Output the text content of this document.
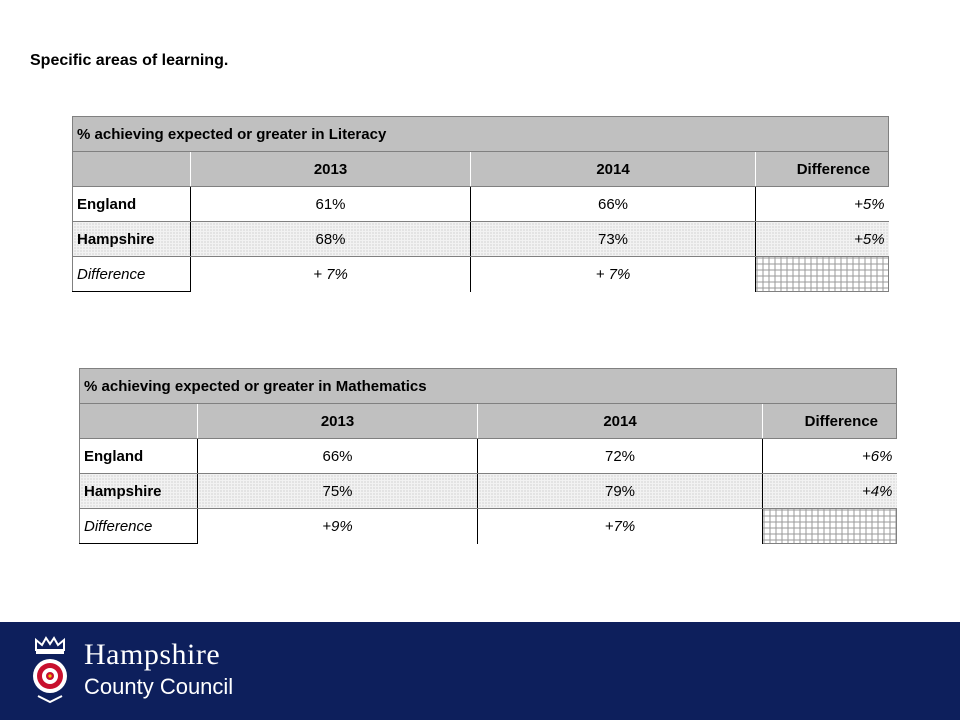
Specific areas of learning.

% achieving expected or greater in Literacy			
	2013	2014	Difference
England	61%	66%	+5%
Hampshire	68%	73%	+5%
Difference	+ 7%	+ 7%	
% achieving expected or greater in Mathematics			
	2013	2014	Difference
England	66%	72%	+6%
Hampshire	75%	79%	+4%
Difference	+9%	+7%	
Hampshire
County Council
